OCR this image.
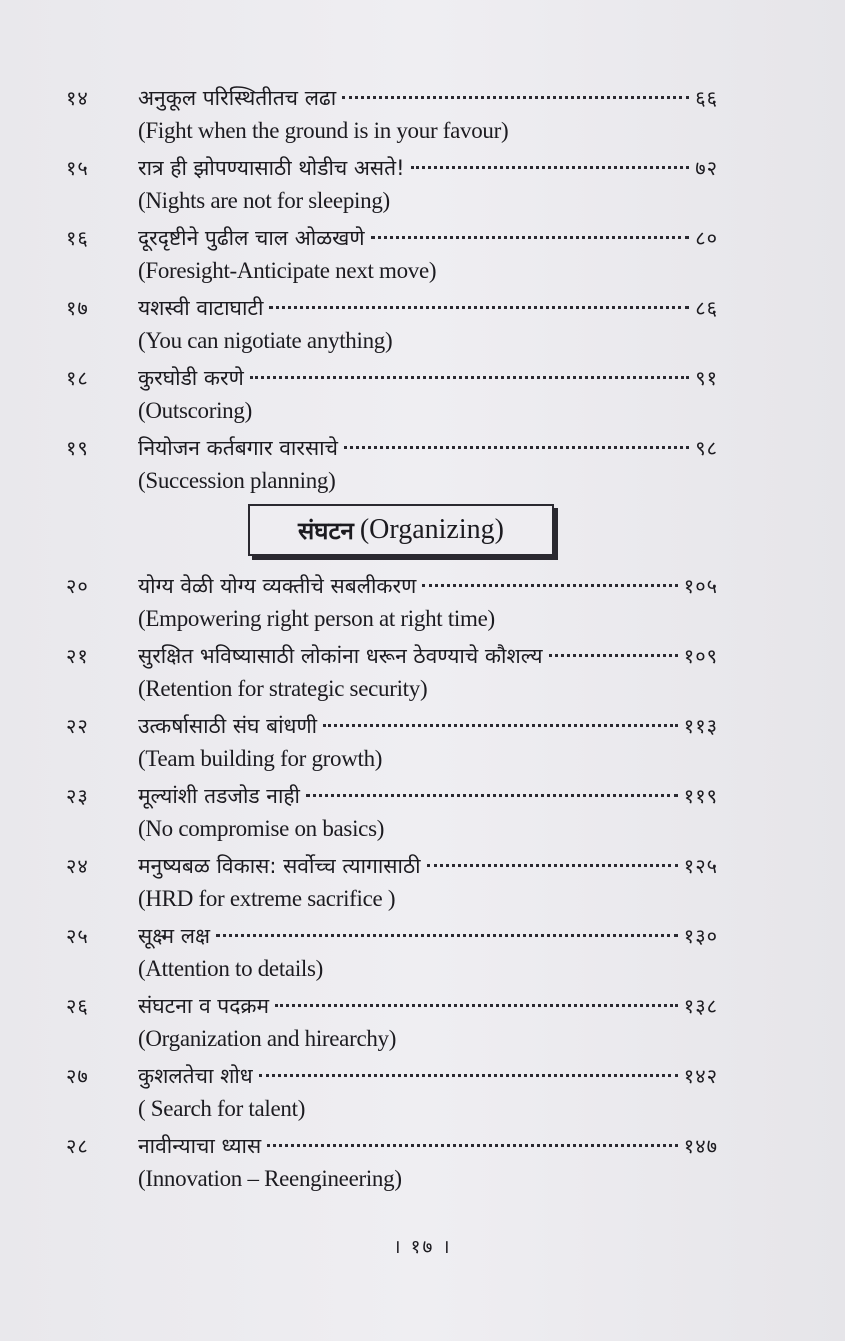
१४ अनुकूल परिस्थितीतच लढा	६६
(Fight when the ground is in your favour)
१५ रात्र ही झोपण्यासाठी थोडीच असते!	७२
(Nights are not for sleeping)
१६ दूरदृष्टीने पुढील चाल ओळखणे	८०
(Foresight-Anticipate next move)
१७ यशस्वी वाटाघाटी	८६
(You can nigotiate anything)
१८ कुरघोडी करणे	९१
(Outscoring)
१९ नियोजन कर्तबगार वारसाचे	९८
(Succession planning)
संघटन (Organizing)
२० योग्य वेळी योग्य व्यक्तीचे सबलीकरण	१०५
(Empowering right person at right time)
२१ सुरक्षित भविष्यासाठी लोकांना धरून ठेवण्याचे कौशल्य	१०९
(Retention for strategic security)
२२ उत्कर्षासाठी संघ बांधणी	११३
(Team building for growth)
२३ मूल्यांशी तडजोड नाही	११९
(No compromise on basics)
२४ मनुष्यबळ विकास: सर्वोच्च त्यागासाठी	१२५
(HRD for extreme sacrifice )
२५ सूक्ष्म लक्ष	१३०
(Attention to details)
२६ संघटना व पदक्रम	१३८
(Organization and hirearchy)
२७ कुशलतेचा शोध	१४२
( Search for talent)
२८ नावीन्याचा ध्यास	१४७
(Innovation – Reengineering)
। १७ ।
